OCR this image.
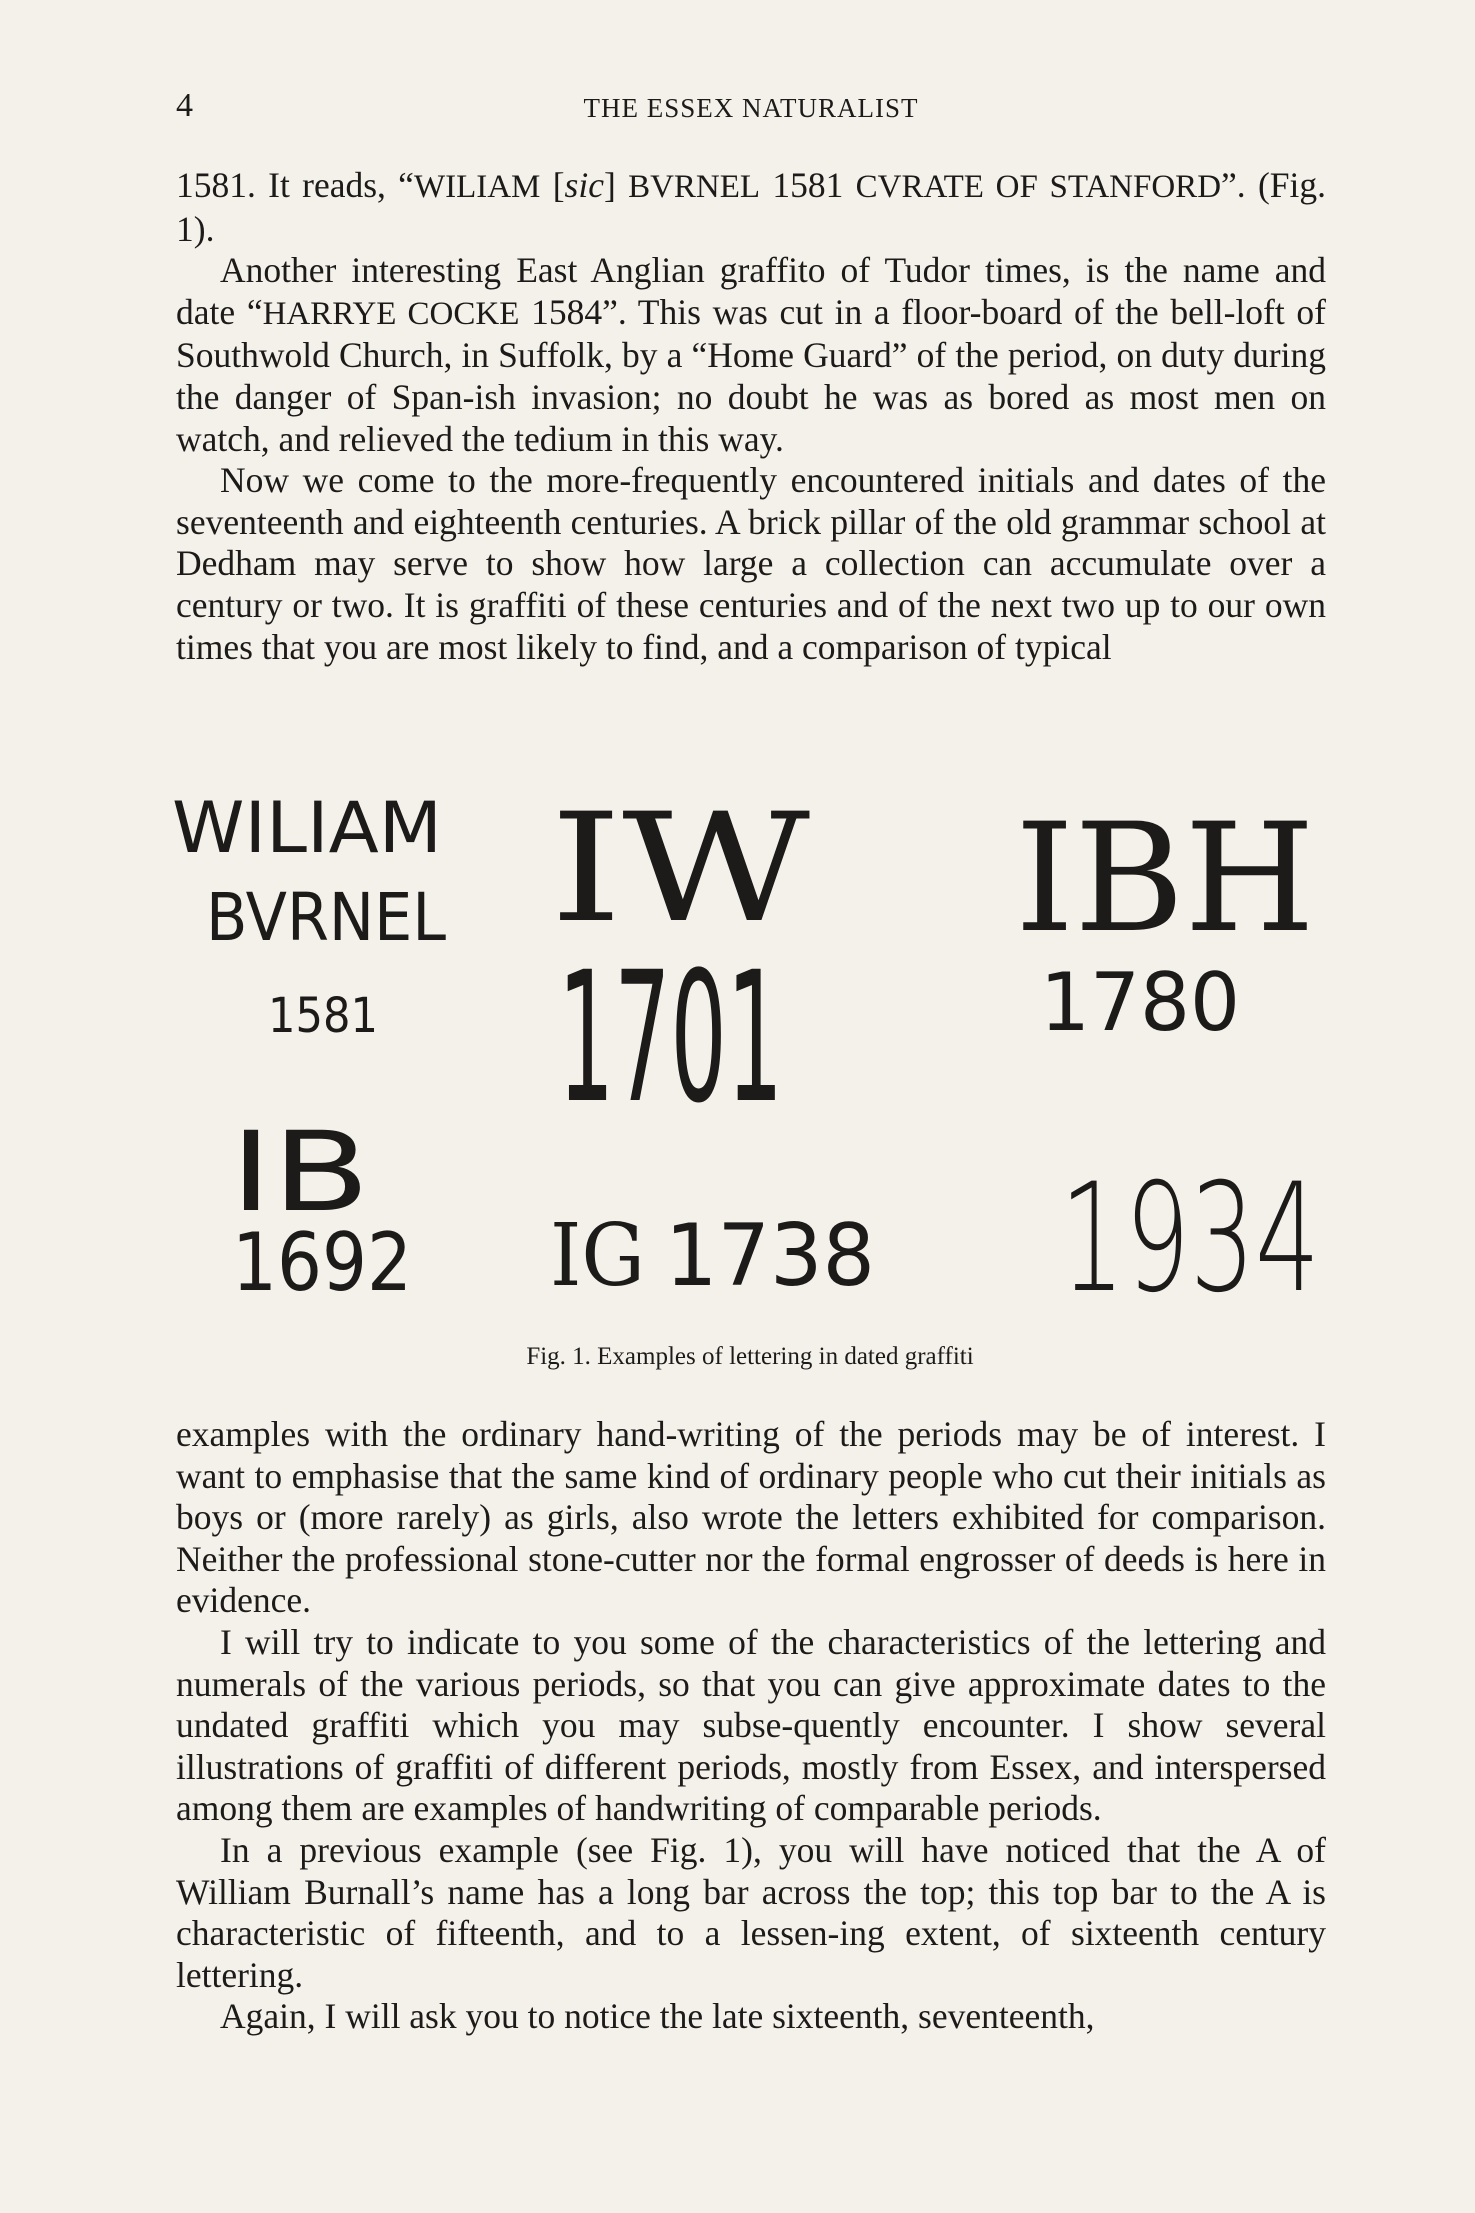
4	THE ESSEX NATURALIST

1581. It reads, “WILIAM [sic] BVRNEL 1581 CVRATE OF STANFORD”. (Fig. 1).

Another interesting East Anglian graffito of Tudor times, is the name and date “HARRYE COCKE 1584”. This was cut in a floor-board of the bell-loft of Southwold Church, in Suffolk, by a “Home Guard” of the period, on duty during the danger of Span-ish invasion; no doubt he was as bored as most men on watch, and relieved the tedium in this way.

Now we come to the more-frequently encountered initials and dates of the seventeenth and eighteenth centuries. A brick pillar of the old grammar school at Dedham may serve to show how large a collection can accumulate over a century or two. It is graffiti of these centuries and of the next two up to our own times that you are most likely to find, and a comparison of typical

WILIAM
BVRNEL
1581
IW
1701
IBH
1780
IB
1692 IG 1738 1934
Fig. 1. Examples of lettering in dated graffiti

examples with the ordinary hand-writing of the periods may be of interest. I want to emphasise that the same kind of ordinary people who cut their initials as boys or (more rarely) as girls, also wrote the letters exhibited for comparison. Neither the professional stone-cutter nor the formal engrosser of deeds is here in evidence.

I will try to indicate to you some of the characteristics of the lettering and numerals of the various periods, so that you can give approximate dates to the undated graffiti which you may subse-quently encounter. I show several illustrations of graffiti of different periods, mostly from Essex, and interspersed among them are examples of handwriting of comparable periods.

In a previous example (see Fig. 1), you will have noticed that the A of William Burnall’s name has a long bar across the top; this top bar to the A is characteristic of fifteenth, and to a lessen-ing extent, of sixteenth century lettering.

Again, I will ask you to notice the late sixteenth, seventeenth,
